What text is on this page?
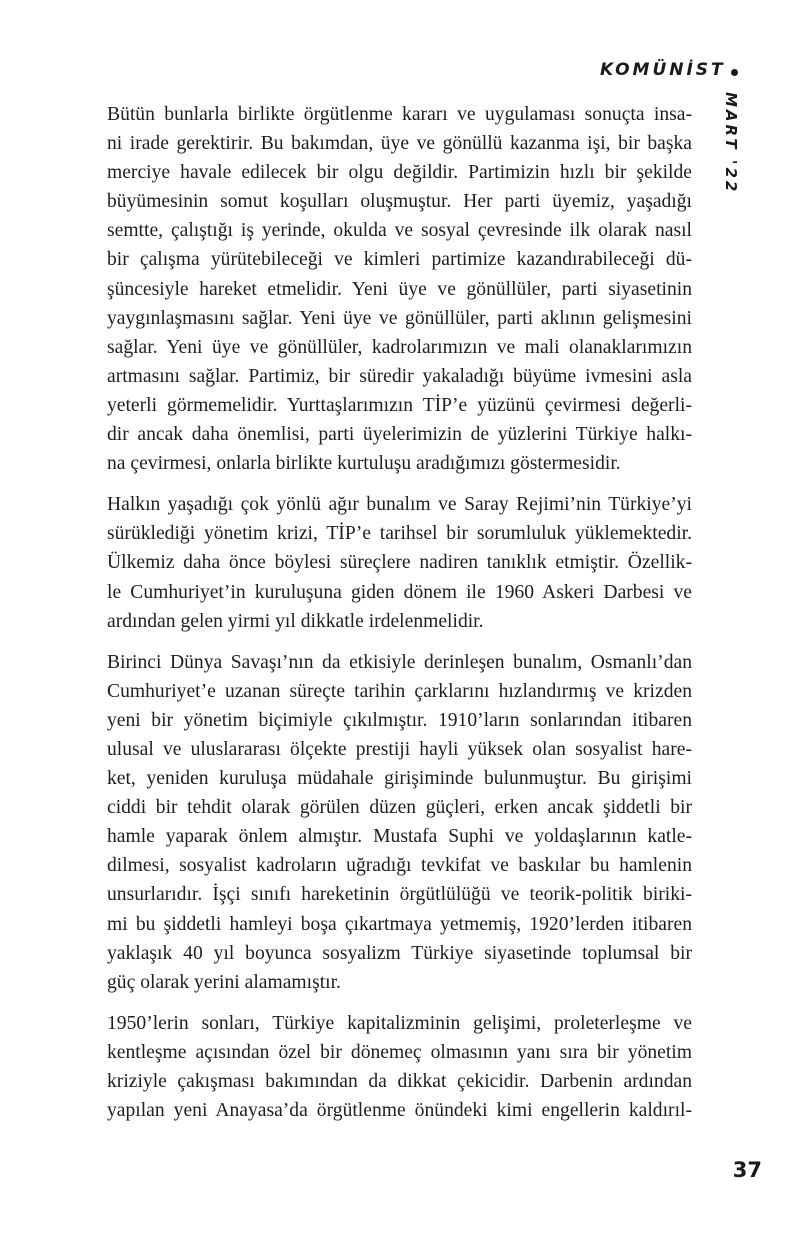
KOMÜNİST
MART '22

Bütün bunlarla birlikte örgütlenme kararı ve uygulaması sonuçta insa-
ni irade gerektirir. Bu bakımdan, üye ve gönüllü kazanma işi, bir başka
merciye havale edilecek bir olgu değildir. Partimizin hızlı bir şekilde
büyümesinin somut koşulları oluşmuştur. Her parti üyemiz, yaşadığı
semtte, çalıştığı iş yerinde, okulda ve sosyal çevresinde ilk olarak nasıl
bir çalışma yürütebileceği ve kimleri partimize kazandırabileceği dü-
şüncesiyle hareket etmelidir. Yeni üye ve gönüllüler, parti siyasetinin
yaygınlaşmasını sağlar. Yeni üye ve gönüllüler, parti aklının gelişmesini
sağlar. Yeni üye ve gönüllüler, kadrolarımızın ve mali olanaklarımızın
artmasını sağlar. Partimiz, bir süredir yakaladığı büyüme ivmesini asla
yeterli görmemelidir. Yurttaşlarımızın TİP’e yüzünü çevirmesi değerli-
dir ancak daha önemlisi, parti üyelerimizin de yüzlerini Türkiye halkı-
na çevirmesi, onlarla birlikte kurtuluşu aradığımızı göstermesidir.

Halkın yaşadığı çok yönlü ağır bunalım ve Saray Rejimi’nin Türkiye’yi
sürüklediği yönetim krizi, TİP’e tarihsel bir sorumluluk yüklemektedir.
Ülkemiz daha önce böylesi süreçlere nadiren tanıklık etmiştir. Özellik-
le Cumhuriyet’in kuruluşuna giden dönem ile 1960 Askeri Darbesi ve
ardından gelen yirmi yıl dikkatle irdelenmelidir.

Birinci Dünya Savaşı’nın da etkisiyle derinleşen bunalım, Osmanlı’dan
Cumhuriyet’e uzanan süreçte tarihin çarklarını hızlandırmış ve krizden
yeni bir yönetim biçimiyle çıkılmıştır. 1910’ların sonlarından itibaren
ulusal ve uluslararası ölçekte prestiji hayli yüksek olan sosyalist hare-
ket, yeniden kuruluşa müdahale girişiminde bulunmuştur. Bu girişimi
ciddi bir tehdit olarak görülen düzen güçleri, erken ancak şiddetli bir
hamle yaparak önlem almıştır. Mustafa Suphi ve yoldaşlarının katle-
dilmesi, sosyalist kadroların uğradığı tevkifat ve baskılar bu hamlenin
unsurlarıdır. İşçi sınıfı hareketinin örgütlülüğü ve teorik-politik biriki-
mi bu şiddetli hamleyi boşa çıkartmaya yetmemiş, 1920’lerden itibaren
yaklaşık 40 yıl boyunca sosyalizm Türkiye siyasetinde toplumsal bir
güç olarak yerini alamamıştır.

1950’lerin sonları, Türkiye kapitalizminin gelişimi, proleterleşme ve
kentleşme açısından özel bir dönemeç olmasının yanı sıra bir yönetim
kriziyle çakışması bakımından da dikkat çekicidir. Darbenin ardından
yapılan yeni Anayasa’da örgütlenme önündeki kimi engellerin kaldırıl-

37
